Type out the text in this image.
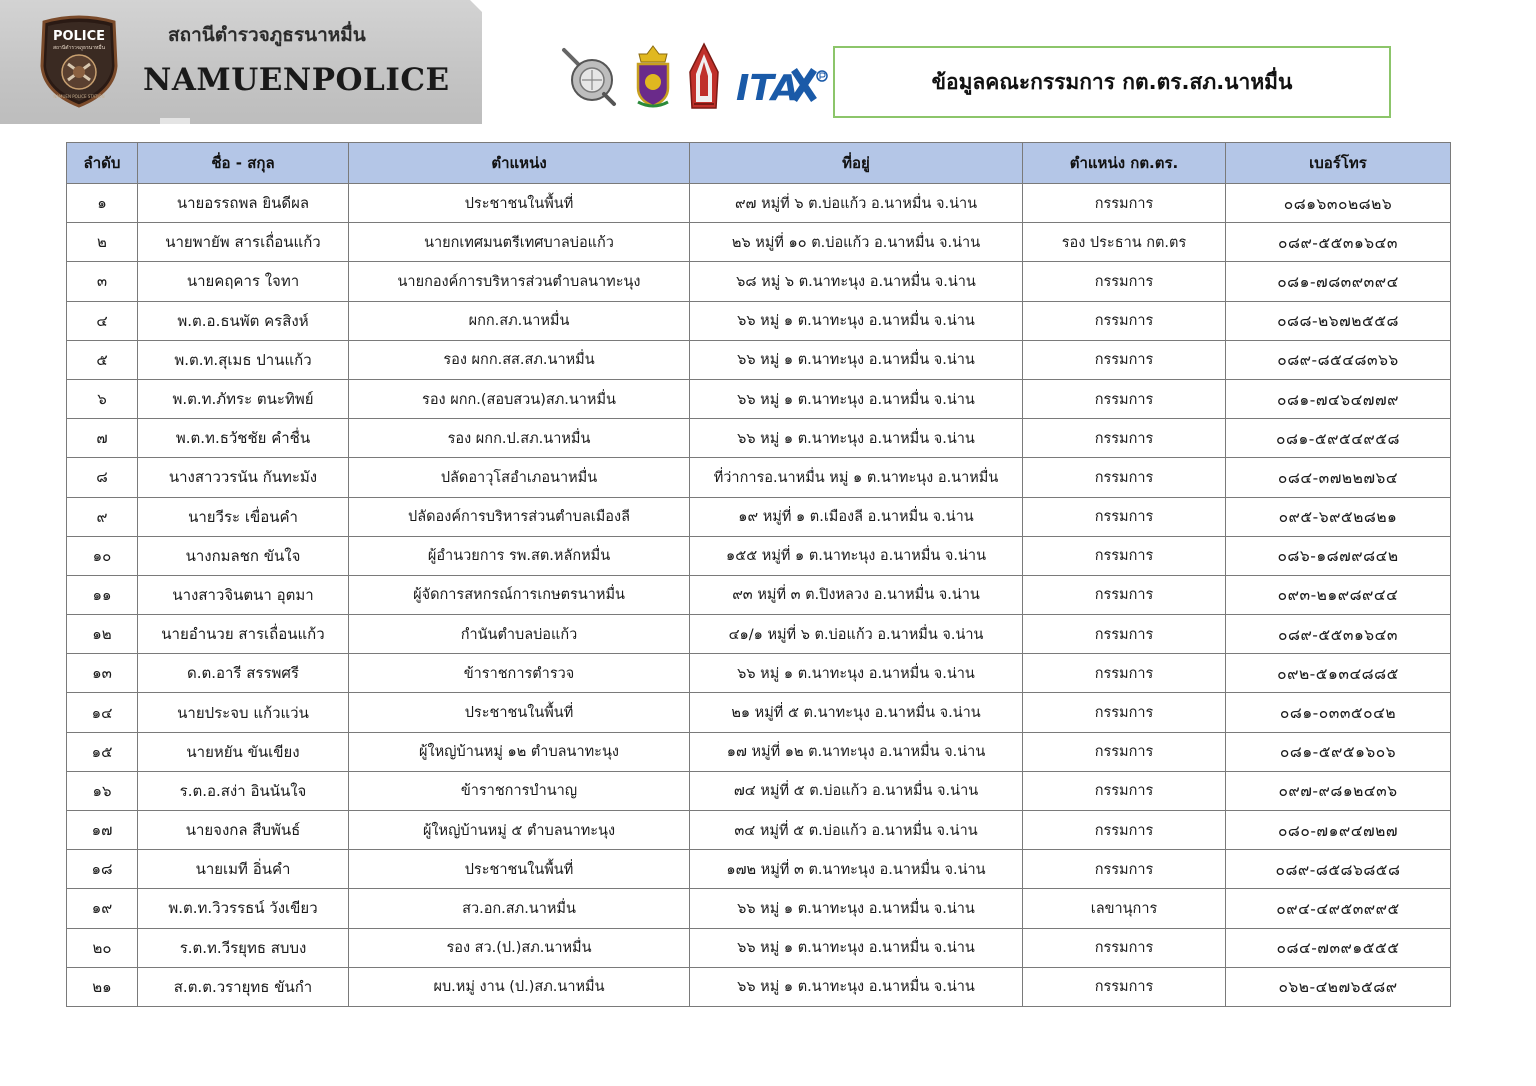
POLICE
สถานีตำรวจภูธรนาหมื่น
NAMUEN POLICE STATION
สถานีตำรวจภูธรนาหมื่น
NAMUENPOLICE	ITA	ข้อมูลคณะกรรมการ กต.ตร.สภ.นาหมื่น
ลำดับ	ชื่อ - สกุล	ตำแหน่ง	ที่อยู่	ตำแหน่ง กต.ตร.	เบอร์โทร
๑	นายอรรถพล ยินดีผล	ประชาชนในพื้นที่	๙๗ หมู่ที่ ๖ ต.บ่อแก้ว อ.นาหมื่น จ.น่าน	กรรมการ	๐๘๑๖๓๐๒๘๒๖
๒	นายพายัพ สารเถื่อนแก้ว	นายกเทศมนตรีเทศบาลบ่อแก้ว	๒๖ หมู่ที่ ๑๐ ต.บ่อแก้ว อ.นาหมื่น จ.น่าน	รอง ประธาน กต.ตร	๐๘๙-๕๕๓๑๖๔๓
๓	นายคฤคาร ใจทา	นายกองค์การบริหารส่วนตำบลนาทะนุง	๖๘ หมู่ ๖ ต.นาทะนุง อ.นาหมื่น จ.น่าน	กรรมการ	๐๘๑-๗๘๓๙๓๙๔
๔	พ.ต.อ.ธนพัต ครสิงห์	ผกก.สภ.นาหมื่น	๖๖ หมู่ ๑ ต.นาทะนุง อ.นาหมื่น จ.น่าน	กรรมการ	๐๘๘-๒๖๗๒๕๕๘
๕	พ.ต.ท.สุเมธ ปานแก้ว	รอง ผกก.สส.สภ.นาหมื่น	๖๖ หมู่ ๑ ต.นาทะนุง อ.นาหมื่น จ.น่าน	กรรมการ	๐๘๙-๘๕๔๘๓๖๖
๖	พ.ต.ท.ภัทระ ตนะทิพย์	รอง ผกก.(สอบสวน)สภ.นาหมื่น	๖๖ หมู่ ๑ ต.นาทะนุง อ.นาหมื่น จ.น่าน	กรรมการ	๐๘๑-๗๔๖๔๗๗๙
๗	พ.ต.ท.ธวัชชัย คำชื่น	รอง ผกก.ป.สภ.นาหมื่น	๖๖ หมู่ ๑ ต.นาทะนุง อ.นาหมื่น จ.น่าน	กรรมการ	๐๘๑-๕๙๕๔๙๕๘
๘	นางสาววรนัน กันทะมัง	ปลัดอาวุโสอำเภอนาหมื่น	ที่ว่าการอ.นาหมื่น หมู่ ๑ ต.นาทะนุง อ.นาหมื่น	กรรมการ	๐๘๔-๓๗๒๒๗๖๔
๙	นายวีระ เขื่อนคำ	ปลัดองค์การบริหารส่วนตำบลเมืองลี	๑๙ หมู่ที่ ๑ ต.เมืองลี อ.นาหมื่น จ.น่าน	กรรมการ	๐๙๕-๖๙๕๒๘๒๑
๑๐	นางกมลชก ขันใจ	ผู้อำนวยการ รพ.สต.หลักหมื่น	๑๕๕ หมู่ที่ ๑ ต.นาทะนุง อ.นาหมื่น จ.น่าน	กรรมการ	๐๘๖-๑๘๗๙๘๔๒
๑๑	นางสาวจินตนา อุตมา	ผู้จัดการสหกรณ์การเกษตรนาหมื่น	๙๓ หมู่ที่ ๓ ต.ปิงหลวง อ.นาหมื่น จ.น่าน	กรรมการ	๐๙๓-๒๑๙๘๙๔๔
๑๒	นายอำนวย สารเถื่อนแก้ว	กำนันตำบลบ่อแก้ว	๔๑/๑ หมู่ที่ ๖ ต.บ่อแก้ว อ.นาหมื่น จ.น่าน	กรรมการ	๐๘๙-๕๕๓๑๖๔๓
๑๓	ด.ต.อารี สรรพศรี	ข้าราชการตำรวจ	๖๖ หมู่ ๑ ต.นาทะนุง อ.นาหมื่น จ.น่าน	กรรมการ	๐๙๒-๕๑๓๔๘๘๕
๑๔	นายประจบ แก้วแว่น	ประชาชนในพื้นที่	๒๑ หมู่ที่ ๕ ต.นาทะนุง อ.นาหมื่น จ.น่าน	กรรมการ	๐๘๑-๐๓๓๕๐๔๒
๑๕	นายหยัน ขันเขียง	ผู้ใหญ่บ้านหมู่ ๑๒ ตำบลนาทะนุง	๑๗ หมู่ที่ ๑๒ ต.นาทะนุง อ.นาหมื่น จ.น่าน	กรรมการ	๐๘๑-๕๙๕๑๖๐๖
๑๖	ร.ต.อ.สง่า อินนันใจ	ข้าราชการบำนาญ	๗๔ หมู่ที่ ๕ ต.บ่อแก้ว อ.นาหมื่น จ.น่าน	กรรมการ	๐๙๗-๙๘๑๒๔๓๖
๑๗	นายจงกล สืบพันธ์	ผู้ใหญ่บ้านหมู่ ๕ ตำบลนาทะนุง	๓๔ หมู่ที่ ๕ ต.บ่อแก้ว อ.นาหมื่น จ.น่าน	กรรมการ	๐๘๐-๗๑๙๔๗๒๗
๑๘	นายเมที อิ่นคำ	ประชาชนในพื้นที่	๑๗๒ หมู่ที่ ๓ ต.นาทะนุง อ.นาหมื่น จ.น่าน	กรรมการ	๐๘๙-๘๕๘๖๘๕๘
๑๙	พ.ต.ท.วิวรรธน์ วังเขียว	สว.อก.สภ.นาหมื่น	๖๖ หมู่ ๑ ต.นาทะนุง อ.นาหมื่น จ.น่าน	เลขานุการ	๐๙๔-๔๙๕๓๙๙๕
๒๐	ร.ต.ท.วีรยุทธ สบบง	รอง สว.(ป.)สภ.นาหมื่น	๖๖ หมู่ ๑ ต.นาทะนุง อ.นาหมื่น จ.น่าน	กรรมการ	๐๘๔-๗๓๙๑๕๕๕
๒๑	ส.ต.ต.วรายุทธ ขันกำ	ผบ.หมู่ งาน (ป.)สภ.นาหมื่น	๖๖ หมู่ ๑ ต.นาทะนุง อ.นาหมื่น จ.น่าน	กรรมการ	๐๖๒-๔๒๗๖๕๘๙
